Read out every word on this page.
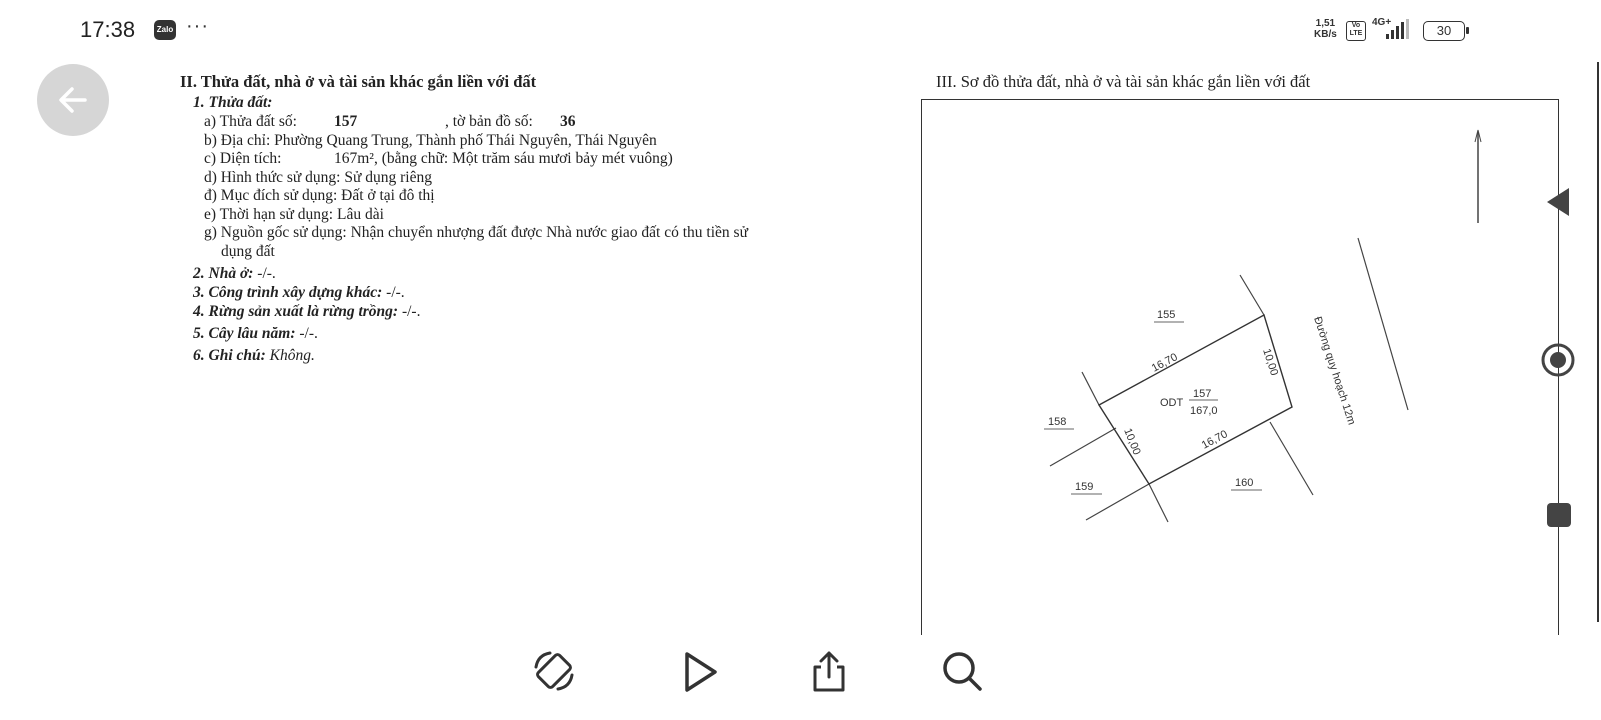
17:38	Zalo ···	1,51
KB/s
Vo LTE
4G+
30
II. Thửa đất, nhà ở và tài sản khác gắn liền với đất
1. Thửa đất:
a) Thửa đất số: 157	, tờ bản đồ số: 36
b) Địa chỉ: Phường Quang Trung, Thành phố Thái Nguyên, Thái Nguyên
c) Diện tích:	167m², (bằng chữ: Một trăm sáu mươi bảy mét vuông)
d) Hình thức sử dụng: Sử dụng riêng
đ) Mục đích sử dụng: Đất ở tại đô thị
e) Thời hạn sử dụng: Lâu dài
g) Nguồn gốc sử dụng: Nhận chuyển nhượng đất được Nhà nước giao đất có thu tiền sử
dụng đất
2. Nhà ở: -/-.
3. Công trình xây dựng khác: -/-.
4. Rừng sản xuất là rừng trồng: -/-.
5. Cây lâu năm: -/-.
6. Ghi chú: Không.
III. Sơ đồ thửa đất, nhà ở và tài sản khác gắn liền với đất
155
158
159	160
ODT
157
167,0
16,70
16,70
10,00
10,00
Đường quy hoạch 12m
